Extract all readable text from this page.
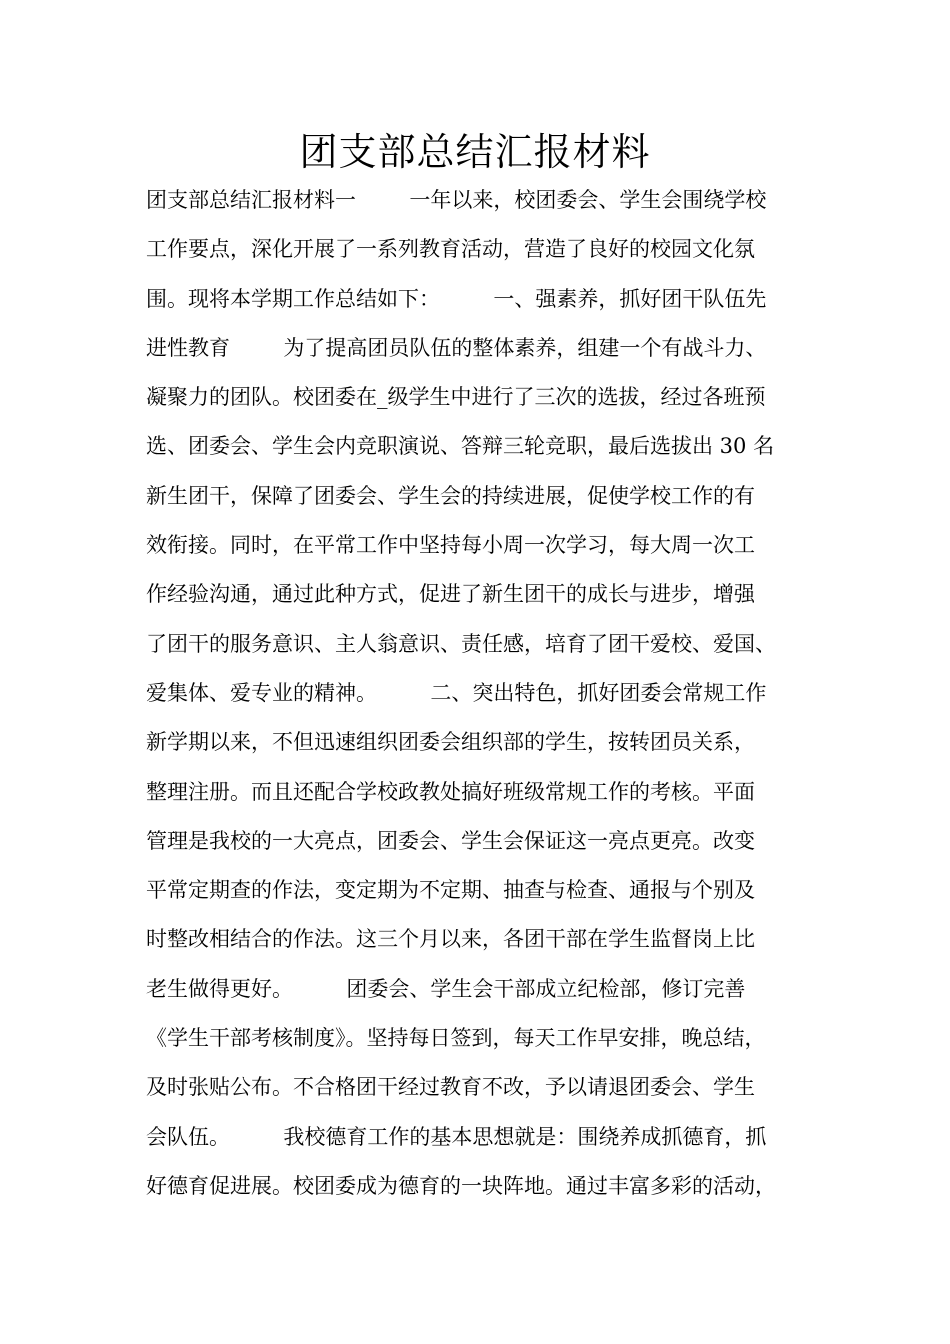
团支部总结汇报材料
团支部总结汇报材料一        一年以来，校团委会、学生会围绕学校
工作要点，深化开展了一系列教育活动，营造了良好的校园文化氛
围。现将本学期工作总结如下：        一、强素养，抓好团干队伍先
进性教育        为了提高团员队伍的整体素养，组建一个有战斗力、
凝聚力的团队。校团委在_级学生中进行了三次的选拔，经过各班预
选、团委会、学生会内竞职演说、答辩三轮竞职，最后选拔出 30 名
新生团干，保障了团委会、学生会的持续进展，促使学校工作的有
效衔接。同时，在平常工作中坚持每小周一次学习，每大周一次工
作经验沟通，通过此种方式，促进了新生团干的成长与进步，增强
了团干的服务意识、主人翁意识、责任感，培育了团干爱校、爱国、
爱集体、爱专业的精神。        二、突出特色，抓好团委会常规工作
新学期以来，不但迅速组织团委会组织部的学生，按转团员关系，
整理注册。而且还配合学校政教处搞好班级常规工作的考核。平面
管理是我校的一大亮点，团委会、学生会保证这一亮点更亮。改变
平常定期查的作法，变定期为不定期、抽查与检查、通报与个别及
时整改相结合的作法。这三个月以来，各团干部在学生监督岗上比
老生做得更好。        团委会、学生会干部成立纪检部，修订完善
《学生干部考核制度》。坚持每日签到，每天工作早安排，晚总结，
及时张贴公布。不合格团干经过教育不改，予以请退团委会、学生
会队伍。        我校德育工作的基本思想就是：围绕养成抓德育，抓
好德育促进展。校团委成为德育的一块阵地。通过丰富多彩的活动，
